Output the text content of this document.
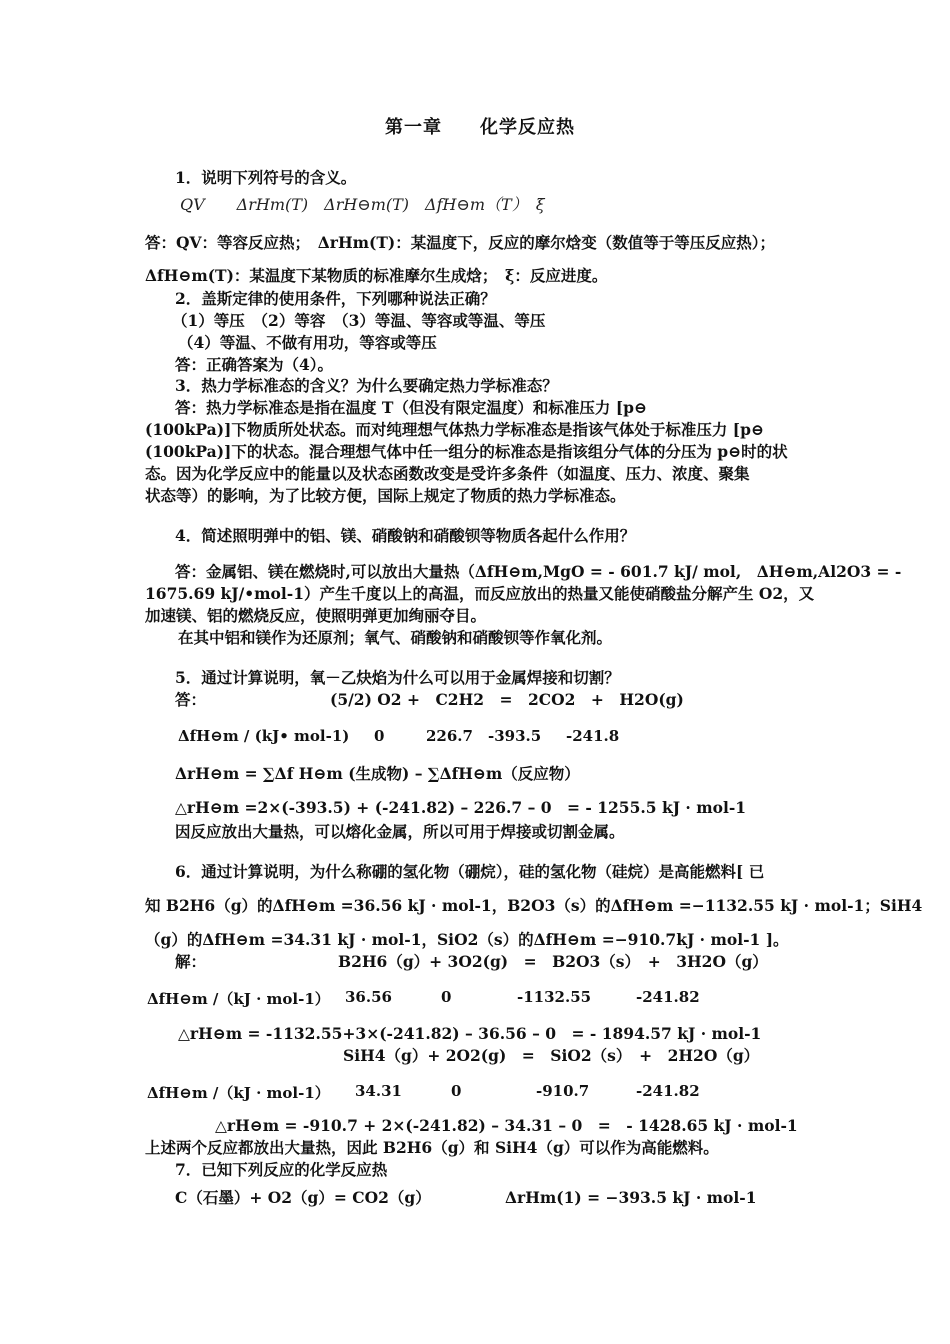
第一章　　化学反应热
1．说明下列符号的含义。
QV　　ΔrHm(T)　ΔrH⊖m(T)　ΔfH⊖m（T）　ξ
答：QV：等容反应热；　ΔrHm(T)：某温度下，反应的摩尔焓变（数值等于等压反应热）；
ΔfH⊖m(T)：某温度下某物质的标准摩尔生成焓；　ξ：反应进度。
2．盖斯定律的使用条件，下列哪种说法正确？
（1）等压　（2）等容　（3）等温、等容或等温、等压
（4）等温、不做有用功，等容或等压
答：正确答案为（4）。
3．热力学标准态的含义？为什么要确定热力学标准态？
答：热力学标准态是指在温度 T（但没有限定温度）和标准压力 [p⊖
(100kPa)]下物质所处状态。而对纯理想气体热力学标准态是指该气体处于标准压力 [p⊖
(100kPa)]下的状态。混合理想气体中任一组分的标准态是指该组分气体的分压为 p⊖时的状
态。因为化学反应中的能量以及状态函数改变是受许多条件（如温度、压力、浓度、聚集
状态等）的影响，为了比较方便，国际上规定了物质的热力学标准态。
4．简述照明弹中的铝、镁、硝酸钠和硝酸钡等物质各起什么作用？
答：金属铝、镁在燃烧时,可以放出大量热（ΔfH⊖m,MgO = - 601.7 kJ/ mol,　ΔH⊖m,Al2O3 = -
1675.69 kJ/•mol-1）产生千度以上的高温，而反应放出的热量又能使硝酸盐分解产生 O2，又
加速镁、铝的燃烧反应，使照明弹更加绚丽夺目。
在其中铝和镁作为还原剂；氧气、硝酸钠和硝酸钡等作氧化剂。
5．通过计算说明，氧－乙炔焰为什么可以用于金属焊接和切割？
答：	(5/2) O2 +　C2H2　=　2CO2　+　H2O(g)
ΔfH⊖m / (kJ• mol-1) 0	226.7 -393.5 -241.8
ΔrH⊖m = ∑Δf H⊖m (生成物) – ∑ΔfH⊖m（反应物）
△rH⊖m =2×(-393.5) + (-241.82) – 226.7 – 0　= - 1255.5 kJ · mol-1
因反应放出大量热，可以熔化金属，所以可用于焊接或切割金属。
6．通过计算说明，为什么称硼的氢化物（硼烷），硅的氢化物（硅烷）是高能燃料[ 已
知 B2H6（g）的ΔfH⊖m =36.56 kJ · mol-1，B2O3（s）的ΔfH⊖m =−1132.55 kJ · mol-1；SiH4
（g）的ΔfH⊖m =34.31 kJ · mol-1，SiO2（s）的ΔfH⊖m =−910.7kJ · mol-1 ]。
解：	B2H6（g）+ 3O2(g)　=　B2O3（s）　+　3H2O（g）
ΔfH⊖m /（kJ · mol-1） 36.56	0	-1132.55	-241.82
△rH⊖m = -1132.55+3×(-241.82) – 36.56 – 0　= - 1894.57 kJ · mol-1
SiH4（g）+ 2O2(g)　=　SiO2（s）　+　2H2O（g）
ΔfH⊖m /（kJ · mol-1） 34.31	0	-910.7	-241.82
△rH⊖m = -910.7 + 2×(-241.82) – 34.31 – 0　=　- 1428.65 kJ · mol-1
上述两个反应都放出大量热，因此 B2H6（g）和 SiH4（g）可以作为高能燃料。
7．已知下列反应的化学反应热
C（石墨）+ O2（g）= CO2（g）	ΔrHm(1) = −393.5 kJ · mol-1
